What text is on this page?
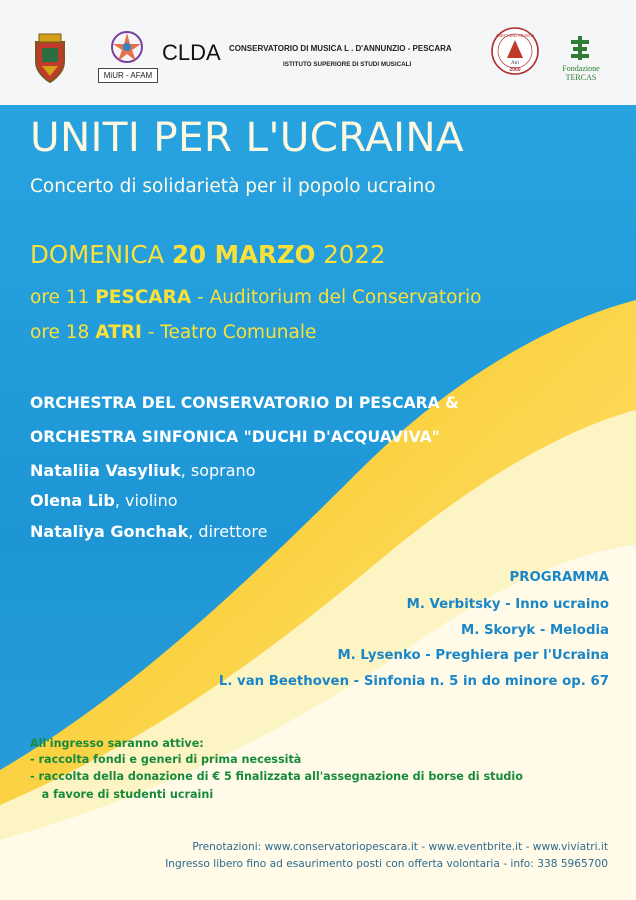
MiUR - AFAM
CLDA CONSERVATORIO DI MUSICA L . D'ANNUNZIO - PESCARA
ISTITUTO SUPERIORE DI STUDI MUSICALI
AMICI della MUSICA
Atri
2000	Fondazione
TERCAS
UNITI PER L'UCRAINA
Concerto di solidarietà per il popolo ucraino
DOMENICA 20 MARZO 2022
ore 11 PESCARA - Auditorium del Conservatorio
ore 18 ATRI - Teatro Comunale
ORCHESTRA DEL CONSERVATORIO DI PESCARA &
ORCHESTRA SINFONICA "DUCHI D'ACQUAVIVA"
Nataliia Vasyliuk, soprano
Olena Lib, violino
Nataliya Gonchak, direttore
PROGRAMMA
M. Verbitsky - Inno ucraino
M. Skoryk - Melodia
M. Lysenko - Preghiera per l'Ucraina
L. van Beethoven - Sinfonia n. 5 in do minore op. 67
All'ingresso saranno attive:
- raccolta fondi e generi di prima necessità
- raccolta della donazione di € 5 finalizzata all'assegnazione di borse di studio
a favore di studenti ucraini
Prenotazioni: www.conservatoriopescara.it - www.eventbrite.it - www.viviatri.it
Ingresso libero fino ad esaurimento posti con offerta volontaria - info: 338 5965700
